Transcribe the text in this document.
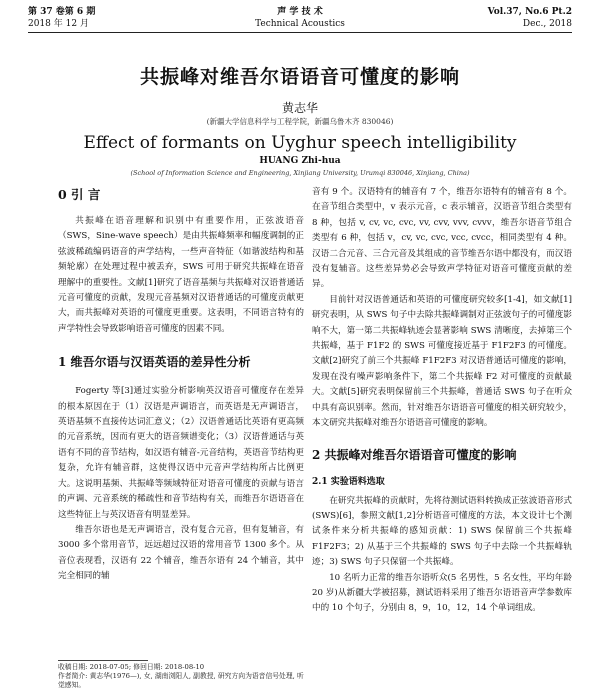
第 37 卷第 6 期
2018 年 12 月
声 学 技 术
Technical Acoustics
Vol.37, No.6 Pt.2
Dec., 2018
共振峰对维吾尔语语音可懂度的影响
黄志华
(新疆大学信息科学与工程学院，新疆乌鲁木齐 830046)
Effect of formants on Uyghur speech intelligibility
HUANG Zhi-hua
(School of Information Science and Engineering, Xinjiang University, Urumqi 830046, Xinjiang, China)
0 引 言

共振峰在语音理解和识别中有重要作用，正弦波语音（SWS，Sine-wave speech）是由共振峰频率和幅度调制的正弦波稀疏编码语音的声学结构，一些声音特征（如谐波结构和基频轮廓）在处理过程中被丢弃，SWS 可用于研究共振峰在语音理解中的重要性。文献[1]研究了语音基频与共振峰对汉语普通话元音可懂度的贡献，发现元音基频对汉语普通话的可懂度贡献更大，而共振峰对英语的可懂度更重要。这表明，不同语言特有的声学特性会导致影响语音可懂度的因素不同。

1 维吾尔语与汉语英语的差异性分析

Fogerty 等[3]通过实验分析影响英汉语音可懂度存在差异的根本原因在于（1）汉语是声调语言，而英语是无声调语言，英语基频不直接传达词汇意义；（2）汉语普通话比英语有更高频的元音系统，因而有更大的语音频谱变化；（3）汉语普通话与英语有不同的音节结构，如汉语有辅音-元音结构，英语音节结构更复杂，允许有辅音群，这使得汉语中元音声学结构所占比例更大。这说明基频、共振峰等频域特征对语音可懂度的贡献与语言的声调、元音系统的稀疏性和音节结构有关，而维吾尔语语音在这些特征上与英汉语音有明显差异。

维吾尔语也是无声调语言，没有复合元音，但有复辅音，有 3000 多个常用音节，远远超过汉语的常用音节 1300 多个。从音位表现看，汉语有 22 个辅音，维吾尔语有 24 个辅音，其中完全相同的辅

音有 9 个。汉语特有的辅音有 7 个，维吾尔语特有的辅音有 8 个。在音节组合类型中，v 表示元音，c 表示辅音，汉语音节组合类型有 8 种，包括 v, cv, vc, cvc, vv, cvv, vvv, cvvv，维吾尔语音节组合类型有 6 种，包括 v，cv, vc, cvc, vcc, cvcc，相同类型有 4 种。汉语二合元音、三合元音及其组成的音节维吾尔语中都没有，而汉语没有复辅音。这些差异势必会导致声学特征对语音可懂度贡献的差异。

目前针对汉语普通话和英语的可懂度研究较多[1-4]，如文献[1]研究表明，从 SWS 句子中去除共振峰调制对正弦波句子的可懂度影响不大，第一第二共振峰轨迹会显著影响 SWS 清晰度，去掉第三个共振峰，基于 F1F2 的 SWS 可懂度接近基于 F1F2F3 的可懂度。文献[2]研究了前三个共振峰 F1F2F3 对汉语普通话可懂度的影响，发现在没有噪声影响条件下，第二个共振峰 F2 对可懂度的贡献最大。文献[5]研究表明保留前三个共振峰，普通话 SWS 句子在听众中具有高识别率。然而，针对维吾尔语语音可懂度的相关研究较少，本文研究共振峰对维吾尔语语音可懂度的影响。

2 共振峰对维吾尔语语音可懂度的影响
2.1 实验语料选取

在研究共振峰的贡献时，先将待测试语料转换成正弦波语音形式(SWS)[6]，参照文献[1,2]分析语音可懂度的方法，本文设计七个测试条件来分析共振峰的感知贡献：1) SWS 保留前三个共振峰 F1F2F3；2) 从基于三个共振峰的 SWS 句子中去除一个共振峰轨迹；3) SWS 句子只保留一个共振峰。

10 名听力正常的维吾尔语听众(5 名男性，5 名女性，平均年龄 20 岁)从新疆大学被招募，测试语料采用了维吾尔语语音声学参数库中的 10 个句子，分别由 8，9，10，12，14 个单词组成。

收稿日期: 2018-07-05; 修回日期: 2018-08-10
作者简介: 黄志华(1976—), 女, 湖南浏阳人, 副教授, 研究方向为语音信号处理, 听觉感知。
